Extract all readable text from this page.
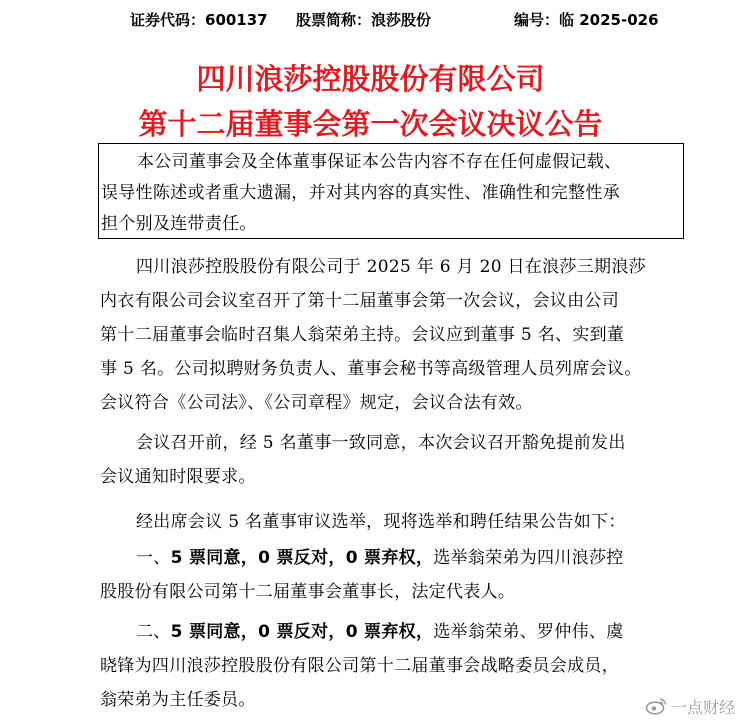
证券代码：600137 股票简称：浪莎股份	编号：临 2025-026
四川浪莎控股股份有限公司
第十二届董事会第一次会议决议公告
本公司董事会及全体董事保证本公告内容不存在任何虚假记载、
误导性陈述或者重大遗漏，并对其内容的真实性、准确性和完整性承
担个别及连带责任。
四川浪莎控股股份有限公司于 2025 年 6 月 20 日在浪莎三期浪莎
内衣有限公司会议室召开了第十二届董事会第一次会议，会议由公司
第十二届董事会临时召集人翁荣弟主持。会议应到董事 5 名、实到董
事 5 名。公司拟聘财务负责人、董事会秘书等高级管理人员列席会议。
会议符合《公司法》、《公司章程》规定，会议合法有效。
会议召开前，经 5 名董事一致同意，本次会议召开豁免提前发出
会议通知时限要求。
经出席会议 5 名董事审议选举，现将选举和聘任结果公告如下：
一、5 票同意，0 票反对，0 票弃权，选举翁荣弟为四川浪莎控
股股份有限公司第十二届董事会董事长，法定代表人。
二、5 票同意，0 票反对，0 票弃权，选举翁荣弟、罗仲伟、虞
晓锋为四川浪莎控股股份有限公司第十二届董事会战略委员会成员，
翁荣弟为主任委员。	一点财经
